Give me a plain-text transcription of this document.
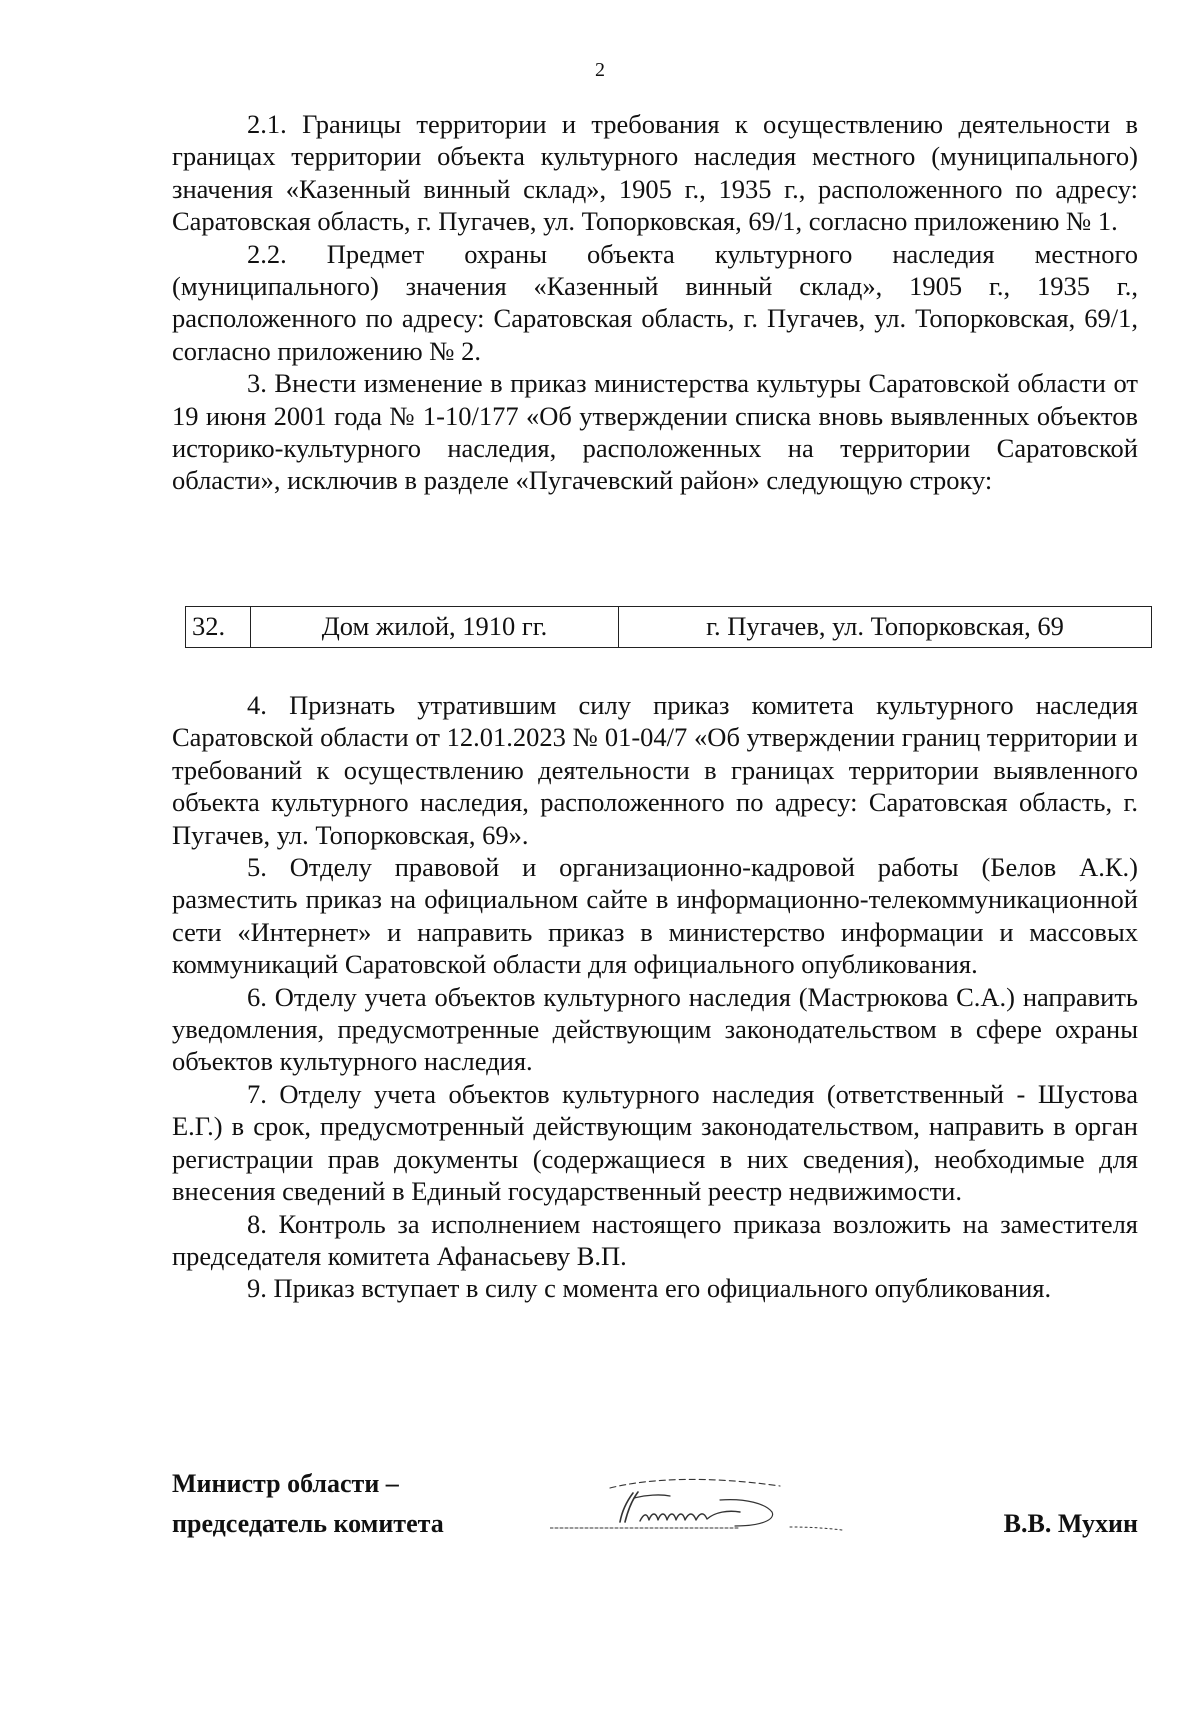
2

2.1. Границы территории и требования к осуществлению деятельности в границах территории объекта культурного наследия местного (муниципального) значения «Казенный винный склад», 1905 г., 1935 г., расположенного по адресу: Саратовская область, г. Пугачев, ул. Топорковская, 69/1, согласно приложению № 1.

2.2. Предмет охраны объекта культурного наследия местного (муниципального) значения «Казенный винный склад», 1905 г., 1935 г., расположенного по адресу: Саратовская область, г. Пугачев, ул. Топорковская, 69/1, согласно приложению № 2.

3. Внести изменение в приказ министерства культуры Саратовской области от 19 июня 2001 года № 1-10/177 «Об утверждении списка вновь выявленных объектов историко-культурного наследия, расположенных на территории Саратовской области», исключив в разделе «Пугачевский район» следующую строку:

32.	Дом жилой, 1910 гг.	г. Пугачев, ул. Топорковская, 69

4. Признать утратившим силу приказ комитета культурного наследия Саратовской области от 12.01.2023 № 01-04/7 «Об утверждении границ территории и требований к осуществлению деятельности в границах территории выявленного объекта культурного наследия, расположенного по адресу: Саратовская область, г. Пугачев, ул. Топорковская, 69».

5. Отделу правовой и организационно-кадровой работы (Белов А.К.) разместить приказ на официальном сайте в информационно-телекоммуникационной сети «Интернет» и направить приказ в министерство информации и массовых коммуникаций Саратовской области для официального опубликования.

6. Отделу учета объектов культурного наследия (Мастрюкова С.А.) направить уведомления, предусмотренные действующим законодательством в сфере охраны объектов культурного наследия.

7. Отделу учета объектов культурного наследия (ответственный - Шустова Е.Г.) в срок, предусмотренный действующим законодательством, направить в орган регистрации прав документы (содержащиеся в них сведения), необходимые для внесения сведений в Единый государственный реестр недвижимости.

8. Контроль за исполнением настоящего приказа возложить на заместителя председателя комитета Афанасьеву В.П.

9. Приказ вступает в силу с момента его официального опубликования.

Министр области –
председатель комитета	В.В. Мухин
